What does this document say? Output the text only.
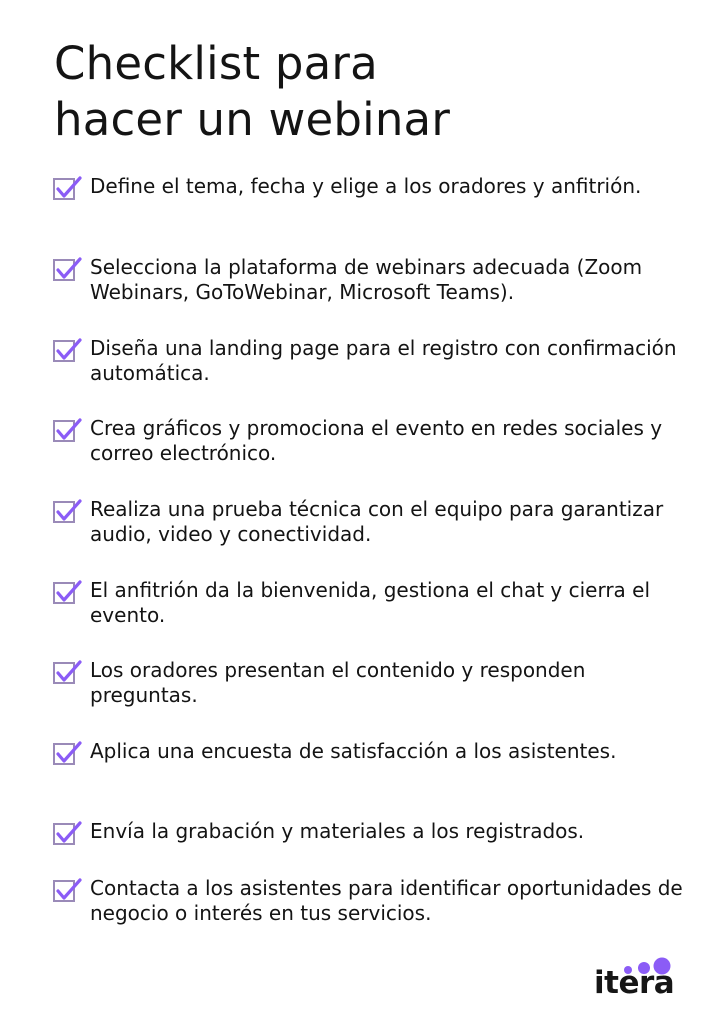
Checklist para
hacer un webinar
Define el tema, fecha y elige a los oradores y anfitrión.
Selecciona la plataforma de webinars adecuada (Zoom Webinars, GoToWebinar, Microsoft Teams).
Diseña una landing page para el registro con confirmación automática.
Crea gráficos y promociona el evento en redes sociales y correo electrónico.
Realiza una prueba técnica con el equipo para garantizar audio, video y conectividad.
El anfitrión da la bienvenida, gestiona el chat y cierra el evento.
Los oradores presentan el contenido y responden preguntas.
Aplica una encuesta de satisfacción a los asistentes.
Envía la grabación y materiales a los registrados.
Contacta a los asistentes para identificar oportunidades de negocio o interés en tus servicios.
itera
